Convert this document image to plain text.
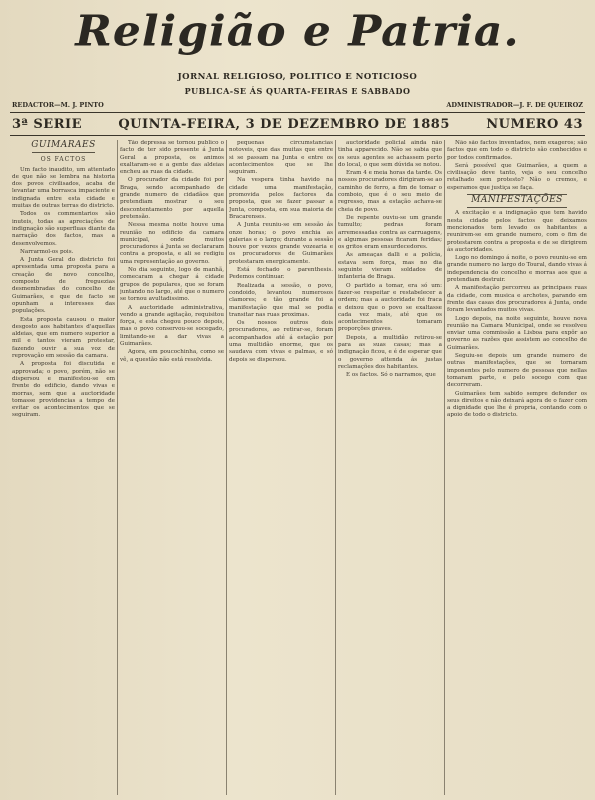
Religião e Patria.
JORNAL RELIGIOSO, POLITICO E NOTICIOSO
PUBLICA-SE ÁS QUARTA-FEIRAS E SABBADO
REDACTOR—M. J. PINTO	ADMINISTRADOR—J. F. DE QUEIROZ
3ª SERIE	QUINTA-FEIRA, 3 DE DEZEMBRO DE 1885	NUMERO 43
GUIMARÃES
OS FACTOS

Um facto inaudito, um attentado de que não se lembra na historia dos povos civilisados, acaba de levantar uma borrasca impaciente e indignada entre esta cidade e muitas de outras terras do districto.

Todos os commentarios são inuteis, todas as apreciações de indignação são superfluas diante da narração dos factos, mas a desenvolvemos.

Narrarmol-os pois.

A Junta Geral do districto foi apresentada uma proposta para a creação de novo concelho, composto de freguezias desmembradas do concelho de Guimarães, e que de facto se opunham a interesses das populações.

Esta proposta causou o maior desgosto aos habitantes d'aquellas aldeias, que em numero superior a mil e tantos vieram protestar, fazendo ouvir a sua voz de reprovação em sessão da camara.

A proposta foi discutida e approvada; o povo, porém, não se dispersou e manifestou-se em frente do edificio, dando vivas e morras, sem que a auctoridade tomasse providencias a tempo de evitar os acontecimentos que se seguiram.

Tão depressa se tornou publico o facto de ter sido presente á Junta Geral a proposta, os animos exaltaram-se e a gente das aldeias encheu as ruas da cidade.

O procurador da cidade foi por Braga, sendo acompanhado de grande numero de cidadãos que pretendiam mostrar o seu descontentamento por aquella pretensão.

Nessa mesma noite houve uma reunião no edificio da camara municipal, onde muitos procuradores á Junta se declararam contra a proposta, e ali se redigiu uma representação ao governo.

No dia seguinte, logo de manhã, comecaram a chegar á cidade grupos de populares, que se foram juntando no largo, até que o numero se tornou avultadissimo.

A auctoridade administrativa, vendo a grande agitação, requisitou força, e esta chegou pouco depois, mas o povo conservou-se socegado, limitando-se a dar vivas a Guimarães.

Agora, em poucochinha, como se vê, a questão não está resolvida.

pequenas circumstancias notoveis, que das muitas que entre si se passam na Junta e entre os acontecimentos que se lhe seguiram.

Na vespera tinha havido na cidade uma manifestação, promovida pelos factores da proposta, que se fazer passar a Junta, composta, em sua maioria de Bracarenses.

A Junta reuniu-se em sessão ás onze horas; o povo enchia as galerias e o largo; durante a sessão houve por vezes grande vozearia e os procuradores de Guimarães protestaram energicamente.

Está fechado o parenthesis. Pedemos continuar.

Realizada a sessão, o povo, condoido, levantou numerosos clamores; e tão grande foi a manifestação que mal se podia transitar nas ruas proximas.

Os nossos outros dois procuradores, ao retirar-se, foram acompanhados até á estação por uma multidão enorme, que os saudava com vivas e palmas, e só depois se dispersou.

auctoridade policial ainda não tinha apparecido. Não se sabia que os seus agentes se achassem perto do local, o que sem dúvida se notou.

Eram 4 e meia horas da tarde. Os nossos procuradores dirigiram-se ao caminho de ferro, a fim de tomar o comboio, que é o seu meio de regresso, mas a estação achava-se cheia de povo.

De repente ouviu-se um grande tumulto; pedras foram arremessadas contra as carruagens, e algumas pessoas ficaram feridas; os gritos eram ensurdecedores.

As ameaças dalli e a polícia, estava sem força, mas no dia seguinte vieram soldados de infanteria de Braga.

O partido a tomar, era só um: fazer-se respeitar e restabelecer a ordem; mas a auctoridade foi fraca e deixou que o povo se exaltasse cada vez mais, até que os acontecimentos tomaram proporções graves.

Depois, a multidão retirou-se para as suas casas; mas a indignação ficou, e é de esperar que o governo attenda ás justas reclamações dos habitantes.

E os factos. Só o narramos, que

Não são factos inventados, nem exageros; são factos que em todo o districto são conhecidos e por todos confirmados.

Será possível que Guimarães, a quem a civilisação deve tanto, veja o seu concelho retalhado sem protesto? Não o cremos, e esperamos que justiça se faça.

MANIFESTAÇÕES

A excitação e a indignação que tem havido nesta cidade pelos factos que deixamos mencionados tem levado os habitantes a reunirem-se em grande numero, com o fim de protestarem contra a proposta e de se dirigirem ás auctoridades.

Logo no domingo á noite, o povo reuniu-se em grande numero no largo do Toural, dando vivas á independencia do concelho e morras aos que a pretendiam destruir.

A manifestação percorreu as principaes ruas da cidade, com musica e archotes, parando em frente das casas dos procuradores á Junta, onde foram levantados muitos vivas.

Logo depois, na noite seguinte, houve nova reunião na Camara Municipal, onde se resolveu enviar uma commissão a Lisboa para expôr ao governo as razões que assistem ao concelho de Guimarães.

Seguiu-se depois um grande numero de outras manifestações, que se tornaram imponentes pelo numero de pessoas que nellas tomaram parte, e pelo socego com que decorreram.

Guimarães tem sabido sempre defender os seus direitos e não deixará agora de o fazer com a dignidade que lhe é propria, contando com o apoio de todo o districto.
